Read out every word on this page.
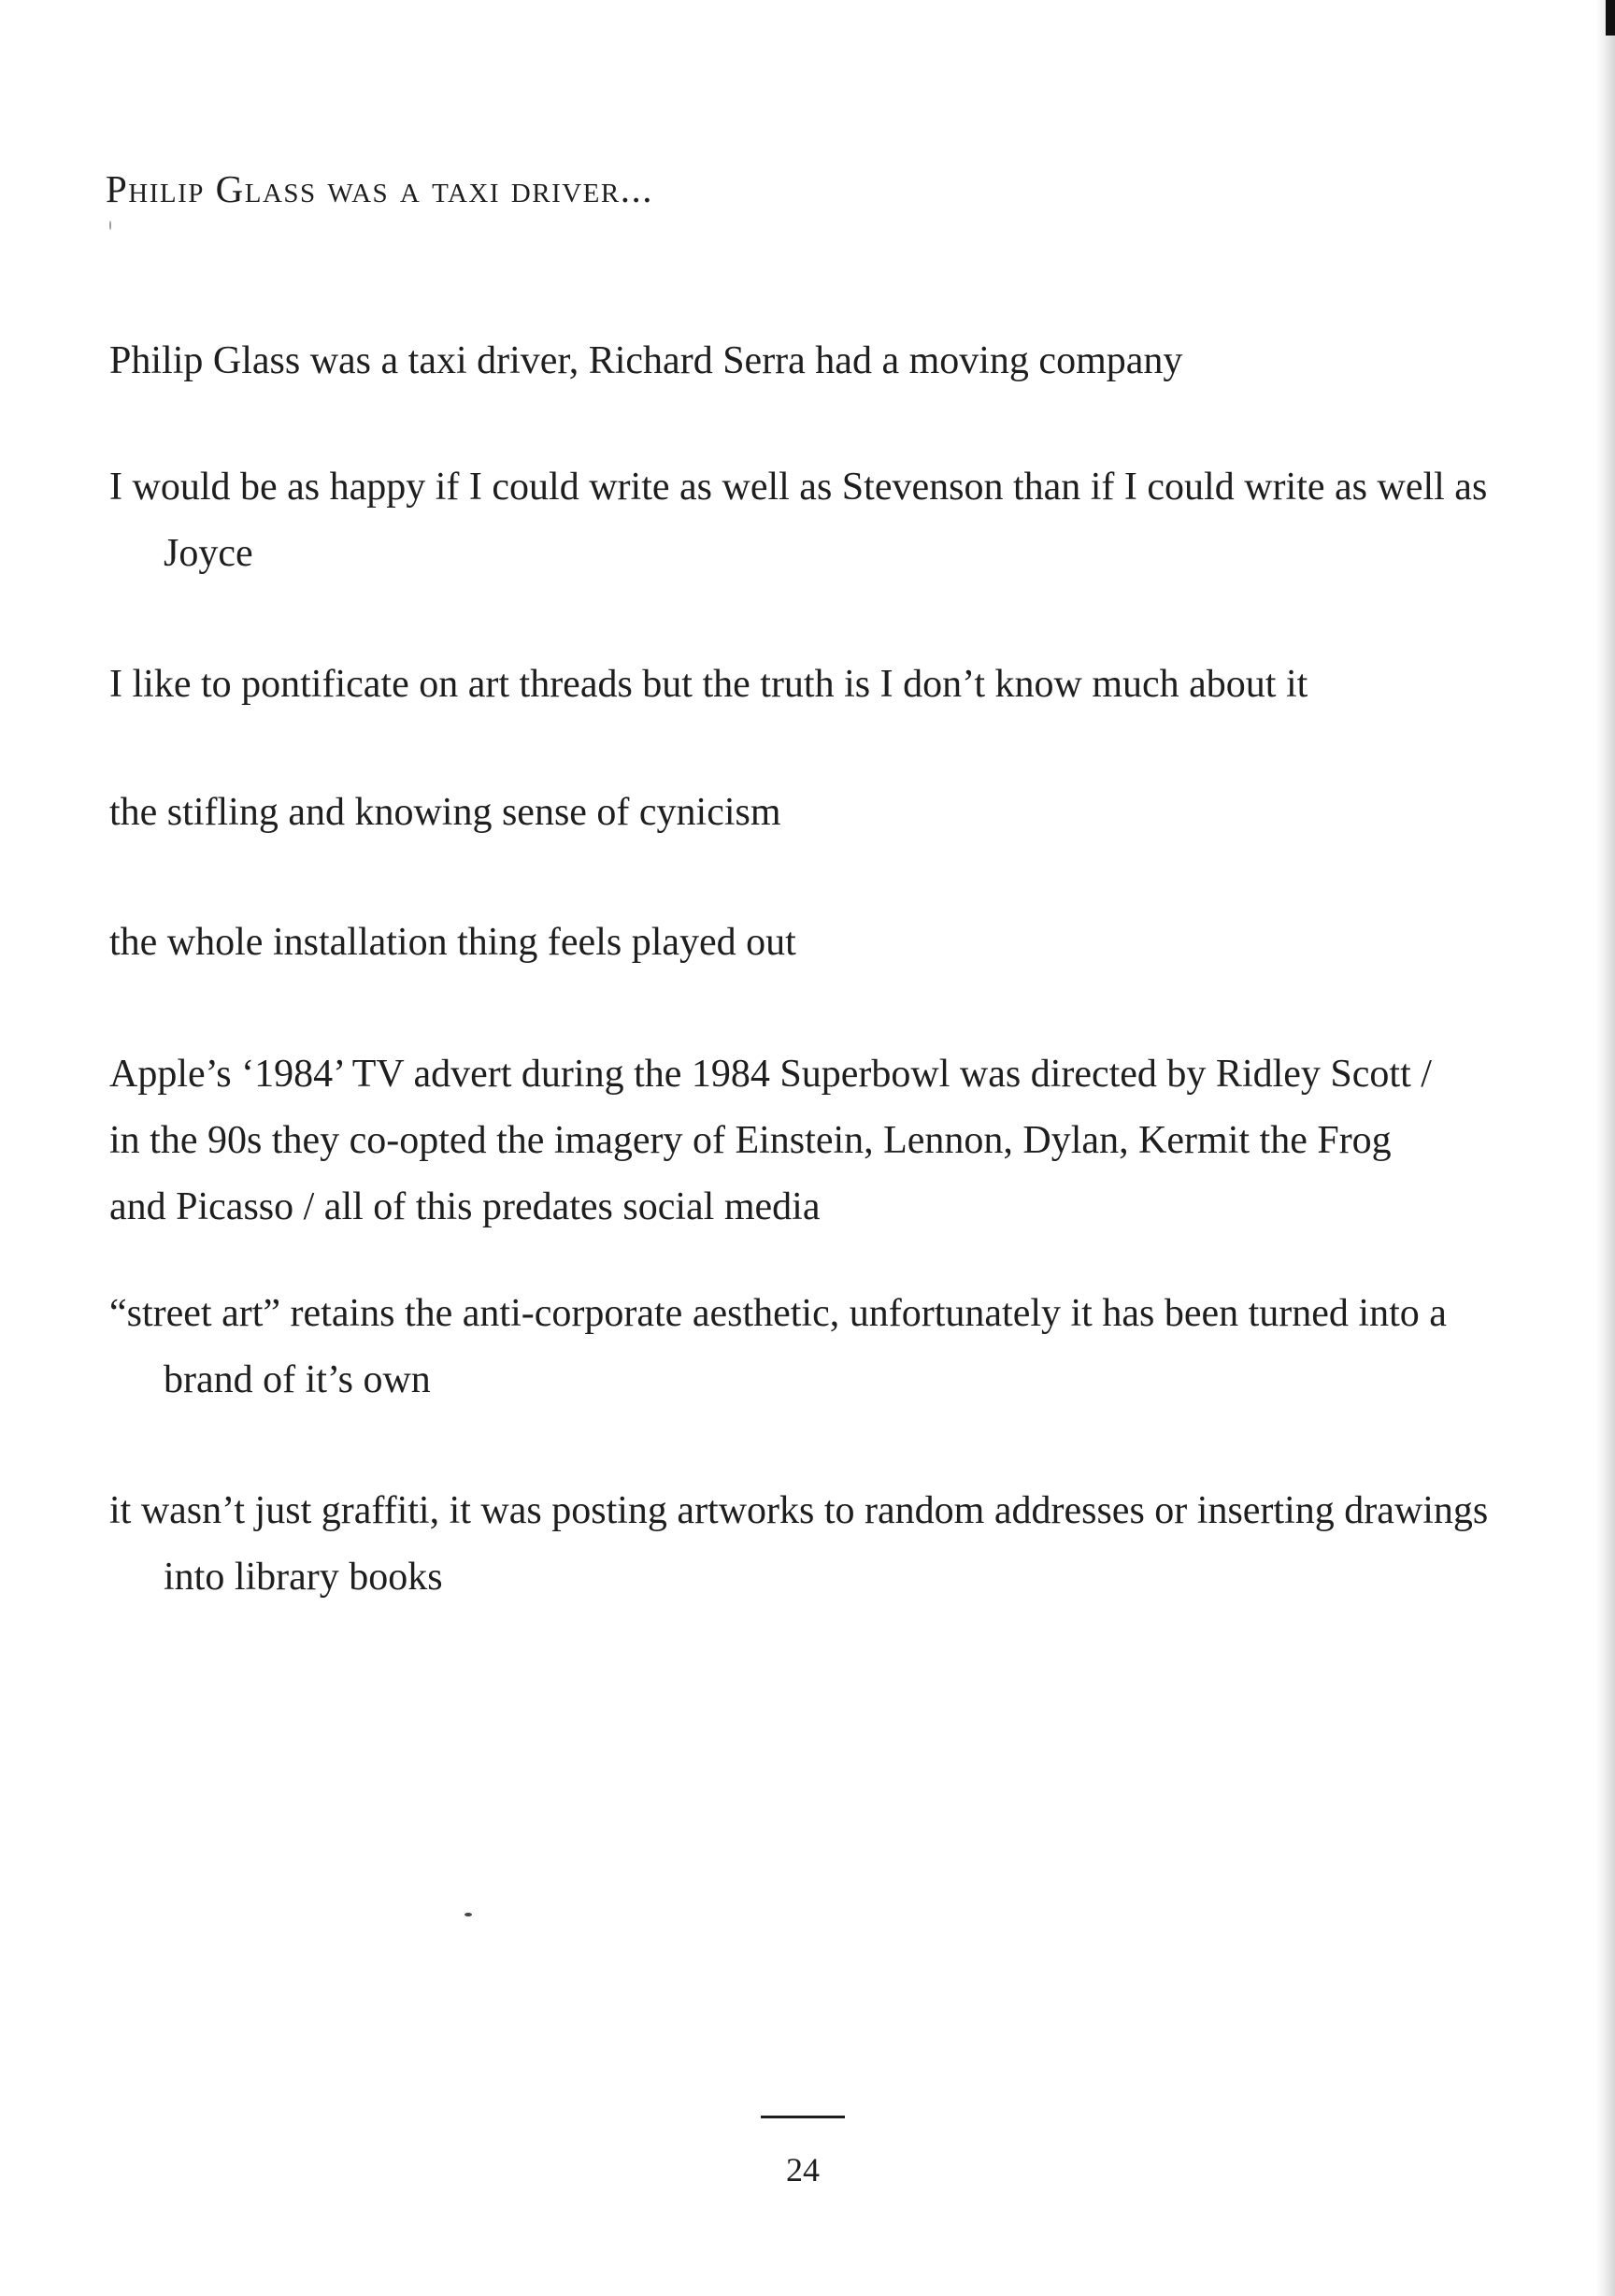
Philip Glass was a taxi driver...

Philip Glass was a taxi driver, Richard Serra had a moving company

I would be as happy if I could write as well as Stevenson than if I could write as well as Joyce

I like to pontificate on art threads but the truth is I don’t know much about it

the stifling and knowing sense of cynicism

the whole installation thing feels played out

Apple’s ‘1984’ TV advert during the 1984 Superbowl was directed by Ridley Scott / in the 90s they co-opted the imagery of Einstein, Lennon, Dylan, Kermit the Frog and Picasso / all of this predates social media

“street art” retains the anti-corporate aesthetic, unfortunately it has been turned into a brand of it’s own

it wasn’t just graffiti, it was posting artworks to random addresses or inserting drawings into library books

24
